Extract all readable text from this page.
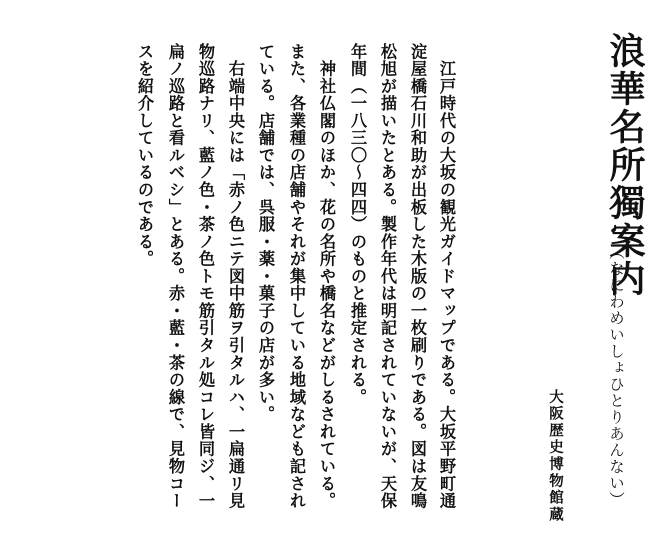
浪華名所獨案内
（なにわめいしょひとりあんない）
大阪歴史博物館蔵
　江戸時代の大坂の観光ガイドマップである。大坂平野町通
淀屋橋石川和助が出板した木版の一枚刷りである。図は友鳴
松旭が描いたとある。製作年代は明記されていないが、天保
年間（一八三〇〜四四）のものと推定される。
　神社仏閣のほか、花の名所や橋名などがしるされている。
また、各業種の店舗やそれが集中している地域なども記され
ている。店舗では、呉服・薬・菓子の店が多い。
　右端中央には「赤ノ色ニテ図中筋ヲ引タルハ、一扁通リ見
物巡路ナリ、藍ノ色・茶ノ色トモ筋引タル処コレ皆同ジ、一
扁ノ巡路と看ルベシ」とある。赤・藍・茶の線で、見物コー
スを紹介しているのである。
